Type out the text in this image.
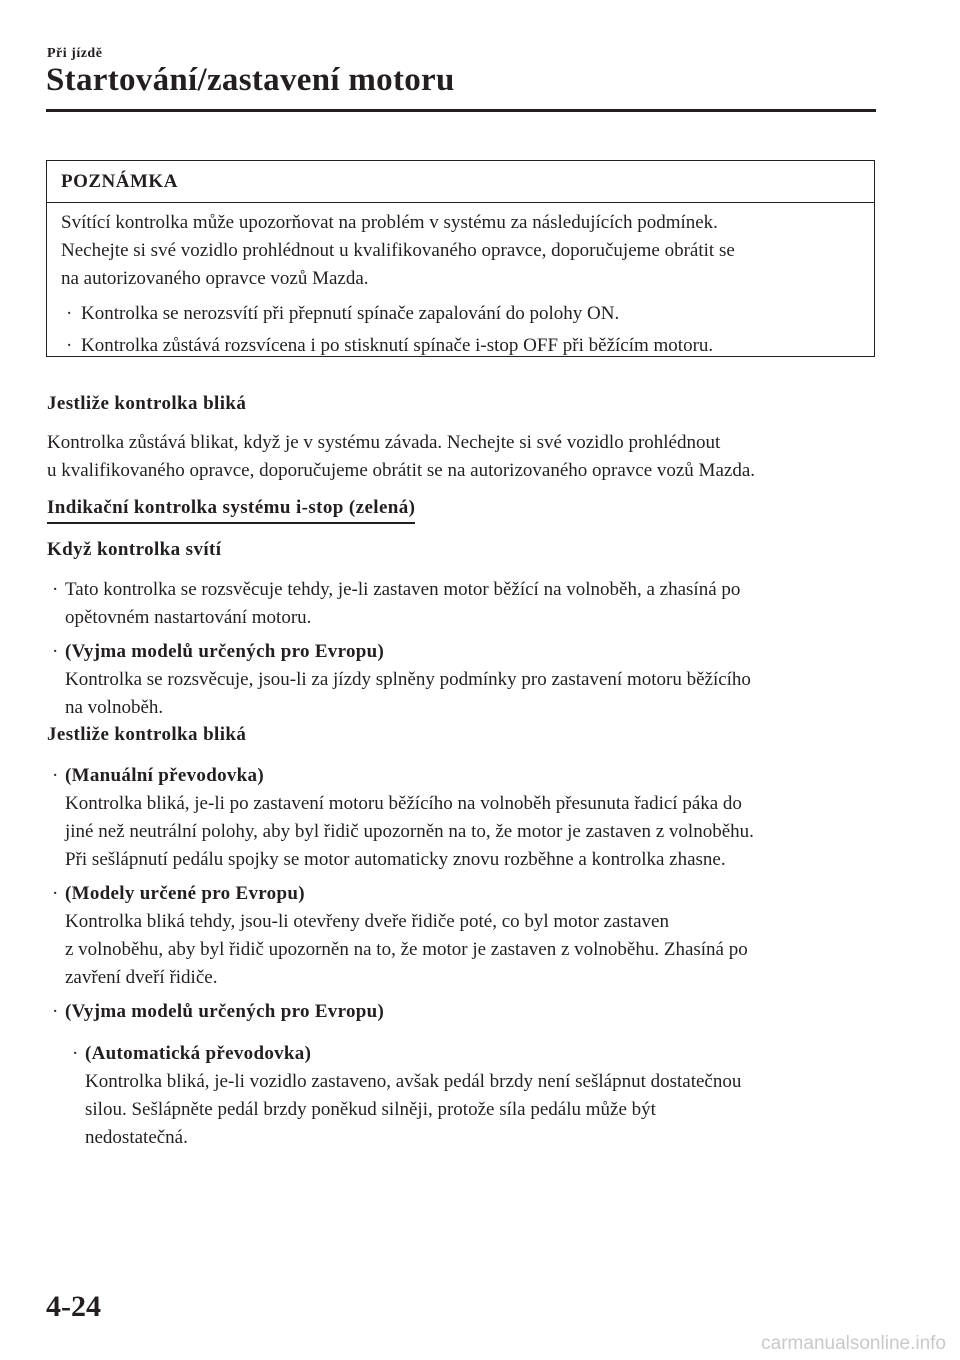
Při jízdě
Startování/zastavení motoru
POZNÁMKA
Svítící kontrolka může upozorňovat na problém v systému za následujících podmínek.
Nechejte si své vozidlo prohlédnout u kvalifikovaného opravce, doporučujeme obrátit se
na autorizovaného opravce vozů Mazda.
· Kontrolka se nerozsvítí při přepnutí spínače zapalování do polohy ON.
· Kontrolka zůstává rozsvícena i po stisknutí spínače i-stop OFF při běžícím motoru.
Jestliže kontrolka bliká
Kontrolka zůstává blikat, když je v systému závada. Nechejte si své vozidlo prohlédnout
u kvalifikovaného opravce, doporučujeme obrátit se na autorizovaného opravce vozů Mazda.
Indikační kontrolka systému i-stop (zelená)
Když kontrolka svítí
· Tato kontrolka se rozsvěcuje tehdy, je-li zastaven motor běžící na volnoběh, a zhasíná po
opětovném nastartování motoru.
· (Vyjma modelů určených pro Evropu)
Kontrolka se rozsvěcuje, jsou-li za jízdy splněny podmínky pro zastavení motoru běžícího
na volnoběh.
Jestliže kontrolka bliká
· (Manuální převodovka)
Kontrolka bliká, je-li po zastavení motoru běžícího na volnoběh přesunuta řadicí páka do
jiné než neutrální polohy, aby byl řidič upozorněn na to, že motor je zastaven z volnoběhu.
Při sešlápnutí pedálu spojky se motor automaticky znovu rozběhne a kontrolka zhasne.
· (Modely určené pro Evropu)
Kontrolka bliká tehdy, jsou-li otevřeny dveře řidiče poté, co byl motor zastaven
z volnoběhu, aby byl řidič upozorněn na to, že motor je zastaven z volnoběhu. Zhasíná po
zavření dveří řidiče.
· (Vyjma modelů určených pro Evropu)
· (Automatická převodovka)
Kontrolka bliká, je-li vozidlo zastaveno, avšak pedál brzdy není sešlápnut dostatečnou
silou. Sešlápněte pedál brzdy poněkud silněji, protože síla pedálu může být
nedostatečná.
4-24
carmanualsonline.info
